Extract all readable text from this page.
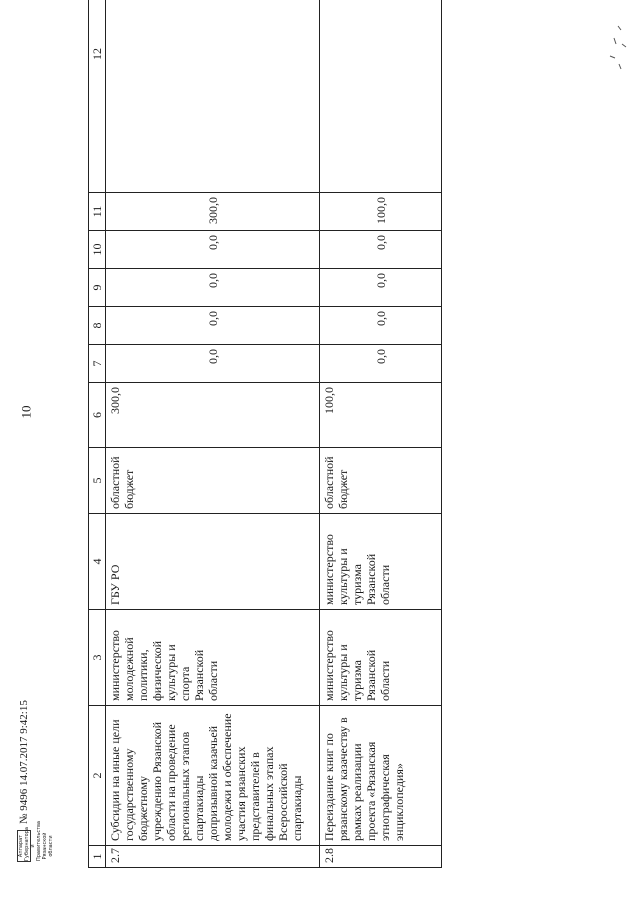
10
1	2	3	4	5	6	7	8	9	10	11	12
2.7	Субсидии на иные цели государственному бюджетному учреждению Рязанской области на проведение региональных этапов спартакиады допризывной казачьей молодежи и обеспечение участия рязанских представителей в финальных этапах Всероссийской спартакиады	министерство молодежной политики, физической культуры и спорта Рязанской области	ГБУ РО	областной бюджет	300,0	0,0	0,0	0,0	0,0	300,0	
2.8	Переиздание книг по рязанскому казачеству в рамках реализации проекта «Рязанская этнографическая энциклопедия»	министерство культуры и туризма Рязанской области	министерство культуры и туризма Рязанской области	областной бюджет	100,0	0,0	0,0	0,0	0,0	100,0	
Аппарат Губернатора и Правительства Рязанской области
№ 9496 14.07.2017 9:42:15
